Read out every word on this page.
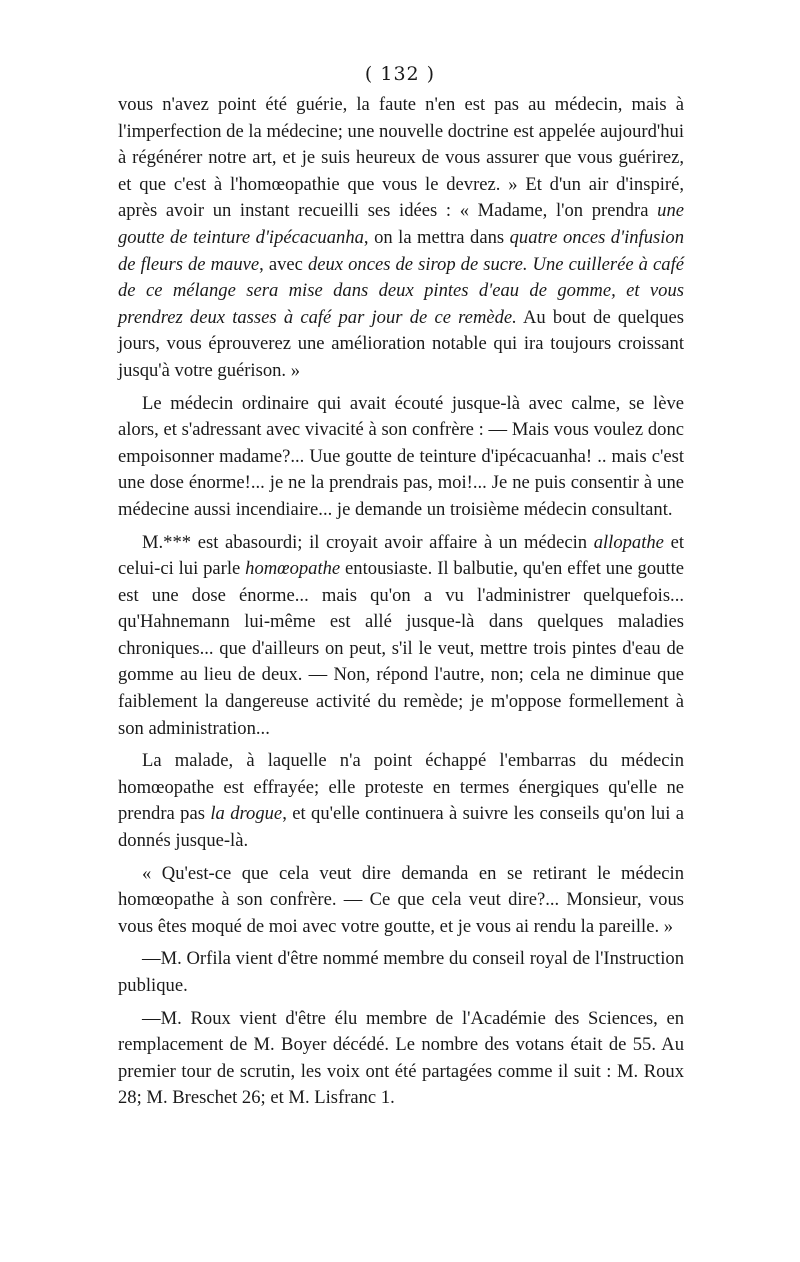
( 132 )

vous n'avez point été guérie, la faute n'en est pas au médecin, mais à l'imperfection de la médecine; une nouvelle doctrine est appelée aujourd'hui à régénérer notre art, et je suis heureux de vous assurer que vous guérirez, et que c'est à l'homœopathie que vous le devrez. » Et d'un air d'inspiré, après avoir un instant recueilli ses idées : « Madame, l'on prendra une goutte de teinture d'ipécacuanha, on la mettra dans quatre onces d'infusion de fleurs de mauve, avec deux onces de sirop de sucre. Une cuillerée à café de ce mélange sera mise dans deux pintes d'eau de gomme, et vous prendrez deux tasses à café par jour de ce remède. Au bout de quelques jours, vous éprouverez une amélioration notable qui ira toujours croissant jusqu'à votre guérison. »

Le médecin ordinaire qui avait écouté jusque-là avec calme, se lève alors, et s'adressant avec vivacité à son confrère : — Mais vous voulez donc empoisonner madame?... Uue goutte de teinture d'ipécacuanha! .. mais c'est une dose énorme!... je ne la prendrais pas, moi!... Je ne puis consentir à une médecine aussi incendiaire... je demande un troisième médecin consultant.

M.*** est abasourdi; il croyait avoir affaire à un médecin allopathe et celui-ci lui parle homœopathe entousiaste. Il balbutie, qu'en effet une goutte est une dose énorme... mais qu'on a vu l'administrer quelquefois... qu'Hahnemann lui-même est allé jusque-là dans quelques maladies chroniques... que d'ailleurs on peut, s'il le veut, mettre trois pintes d'eau de gomme au lieu de deux. — Non, répond l'autre, non; cela ne diminue que faiblement la dangereuse activité du remède; je m'oppose formellement à son administration...

La malade, à laquelle n'a point échappé l'embarras du médecin homœopathe est effrayée; elle proteste en termes énergiques qu'elle ne prendra pas la drogue, et qu'elle continuera à suivre les conseils qu'on lui a donnés jusque-là.

« Qu'est-ce que cela veut dire demanda en se retirant le médecin homœopathe à son confrère. — Ce que cela veut dire?... Monsieur, vous vous êtes moqué de moi avec votre goutte, et je vous ai rendu la pareille. »

—M. Orfila vient d'être nommé membre du conseil royal de l'Instruction publique.

—M. Roux vient d'être élu membre de l'Académie des Sciences, en remplacement de M. Boyer décédé. Le nombre des votans était de 55. Au premier tour de scrutin, les voix ont été partagées comme il suit : M. Roux 28; M. Breschet 26; et M. Lisfranc 1.
